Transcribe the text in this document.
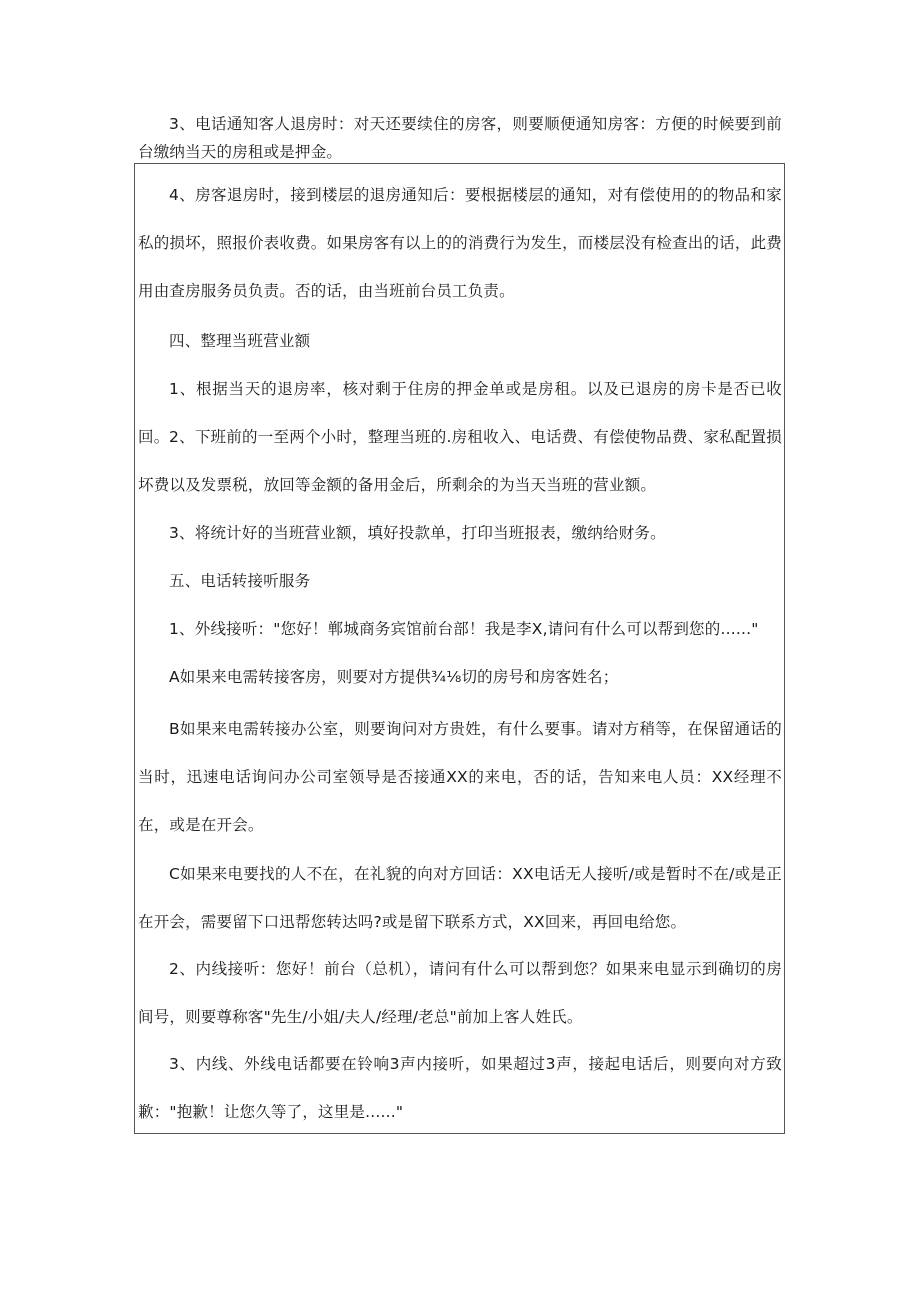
3、电话通知客人退房时：对天还要续住的房客，则要顺便通知房客：方便的时候要到前台缴纳当天的房租或是押金。

4、房客退房时，接到楼层的退房通知后：要根据楼层的通知，对有偿使用的的物品和家私的损坏，照报价表收费。如果房客有以上的的消费行为发生，而楼层没有检查出的话，此费用由查房服务员负责。否的话，由当班前台员工负责。

四、整理当班营业额

1、根据当天的退房率，核对剩于住房的押金单或是房租。以及已退房的房卡是否已收回。 2、下班前的一至两个小时，整理当班的.房租收入、电话费、有偿使物品费、家私配置损坏费以及发票税，放回等金额的备用金后，所剩余的为当天当班的营业额。

3、将统计好的当班营业额，填好投款单，打印当班报表，缴纳给财务。

五、电话转接听服务

1、外线接听："您好！郸城商务宾馆前台部！我是李X,请问有什么可以帮到您的......"

A如果来电需转接客房，则要对方提供¾⅛切的房号和房客姓名；

B如果来电需转接办公室，则要询问对方贵姓，有什么要事。请对方稍等，在保留通话的当时，迅速电话询问办公司室领导是否接通XX的来电，否的话，告知来电人员：XX经理不在，或是在开会。

C如果来电要找的人不在，在礼貌的向对方回话：XX电话无人接听/或是暂时不在/或是正在开会，需要留下口迅帮您转达吗?或是留下联系方式，XX回来，再回电给您。

2、内线接听：您好！前台（总机），请问有什么可以帮到您？如果来电显示到确切的房间号，则要尊称客"先生/小姐/夫人/经理/老总"前加上客人姓氏。

3、内线、外线电话都要在铃响3声内接听，如果超过3声，接起电话后，则要向对方致歉："抱歉！让您久等了，这里是......"
